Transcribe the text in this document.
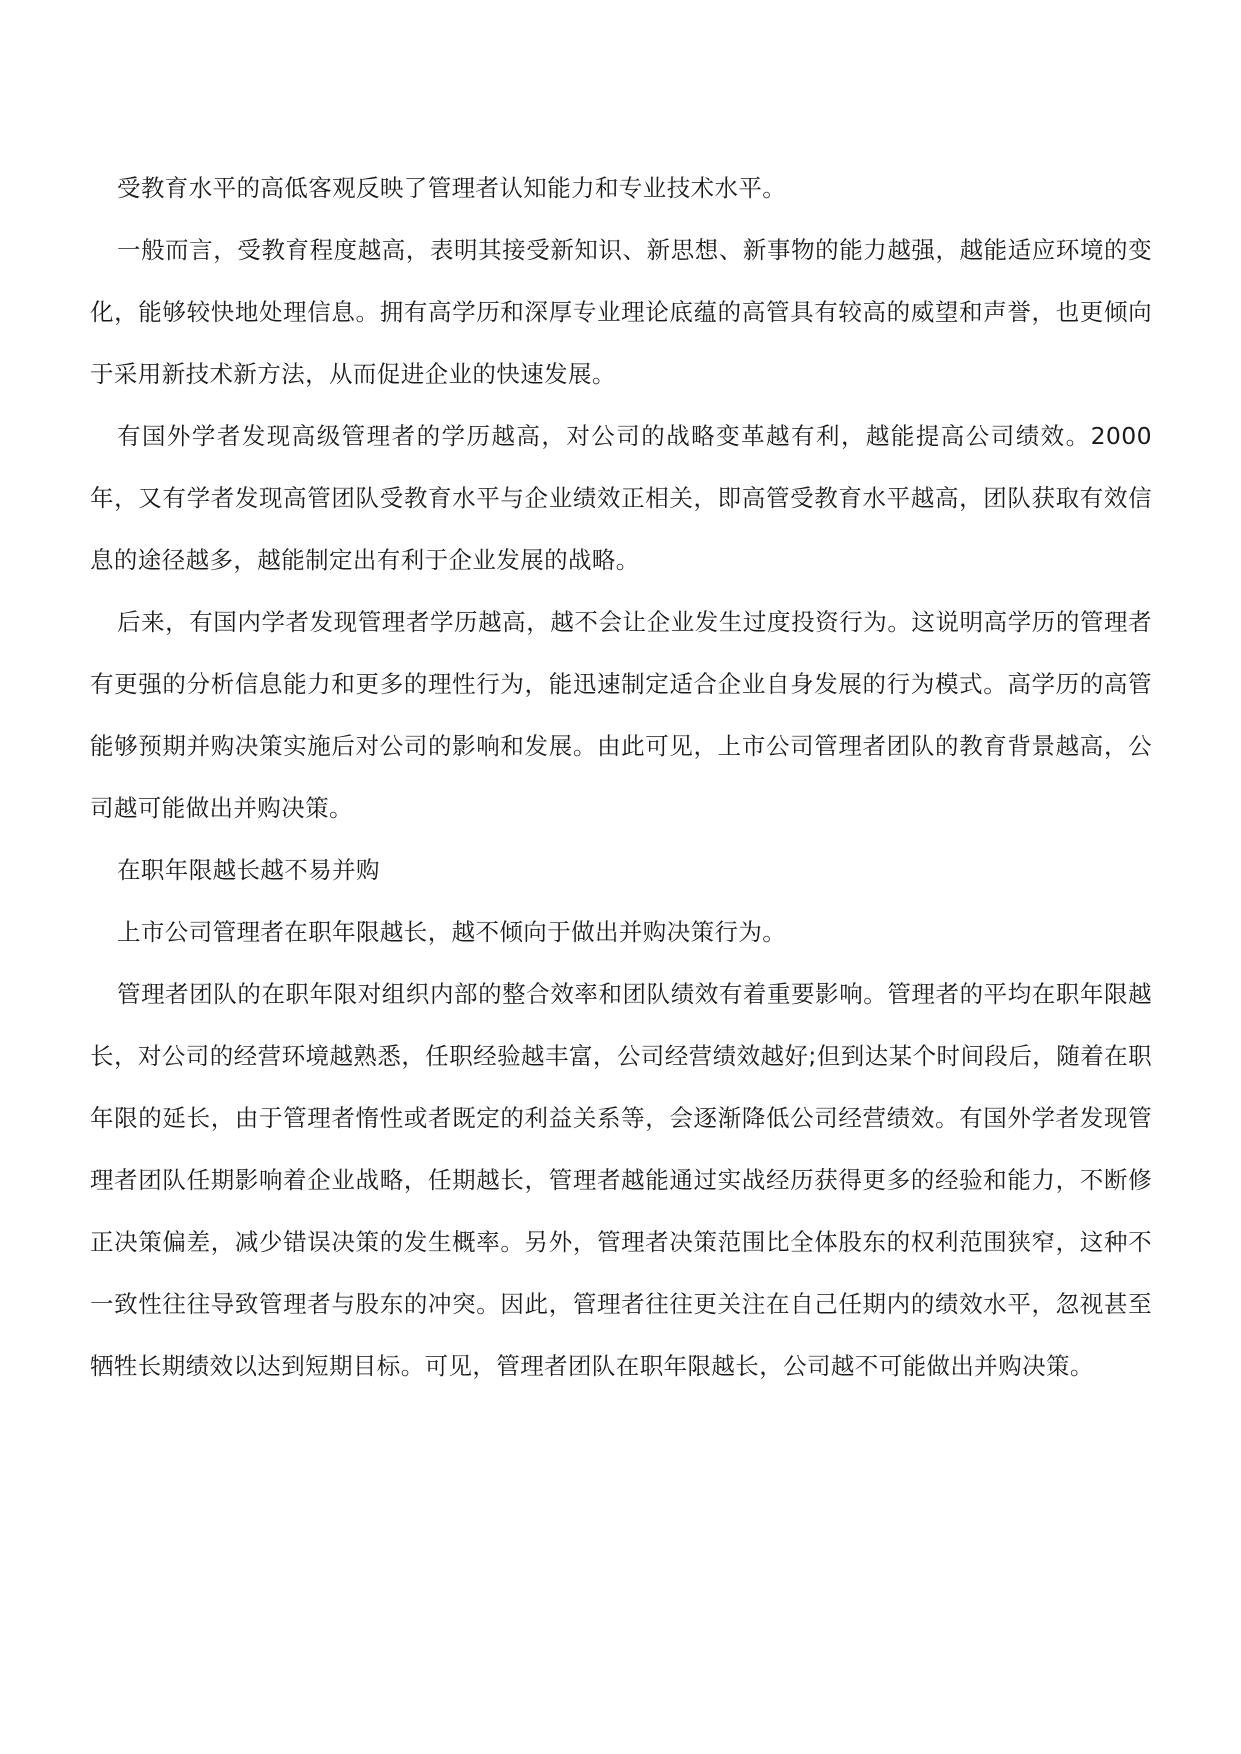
受教育水平的高低客观反映了管理者认知能力和专业技术水平。

一般而言，受教育程度越高，表明其接受新知识、新思想、新事物的能力越强，越能适应环境的变化，能够较快地处理信息。拥有高学历和深厚专业理论底蕴的高管具有较高的威望和声誉，也更倾向于采用新技术新方法，从而促进企业的快速发展。

有国外学者发现高级管理者的学历越高，对公司的战略变革越有利，越能提高公司绩效。2000 年，又有学者发现高管团队受教育水平与企业绩效正相关，即高管受教育水平越高，团队获取有效信息的途径越多，越能制定出有利于企业发展的战略。

后来，有国内学者发现管理者学历越高，越不会让企业发生过度投资行为。这说明高学历的管理者有更强的分析信息能力和更多的理性行为，能迅速制定适合企业自身发展的行为模式。高学历的高管能够预期并购决策实施后对公司的影响和发展。由此可见，上市公司管理者团队的教育背景越高，公司越可能做出并购决策。

在职年限越长越不易并购

上市公司管理者在职年限越长，越不倾向于做出并购决策行为。

管理者团队的在职年限对组织内部的整合效率和团队绩效有着重要影响。管理者的平均在职年限越长，对公司的经营环境越熟悉，任职经验越丰富，公司经营绩效越好;但到达某个时间段后，随着在职年限的延长，由于管理者惰性或者既定的利益关系等，会逐渐降低公司经营绩效。有国外学者发现管理者团队任期影响着企业战略，任期越长，管理者越能通过实战经历获得更多的经验和能力，不断修正决策偏差，减少错误决策的发生概率。另外，管理者决策范围比全体股东的权利范围狭窄，这种不一致性往往导致管理者与股东的冲突。因此，管理者往往更关注在自己任期内的绩效水平，忽视甚至牺牲长期绩效以达到短期目标。可见，管理者团队在职年限越长，公司越不可能做出并购决策。
